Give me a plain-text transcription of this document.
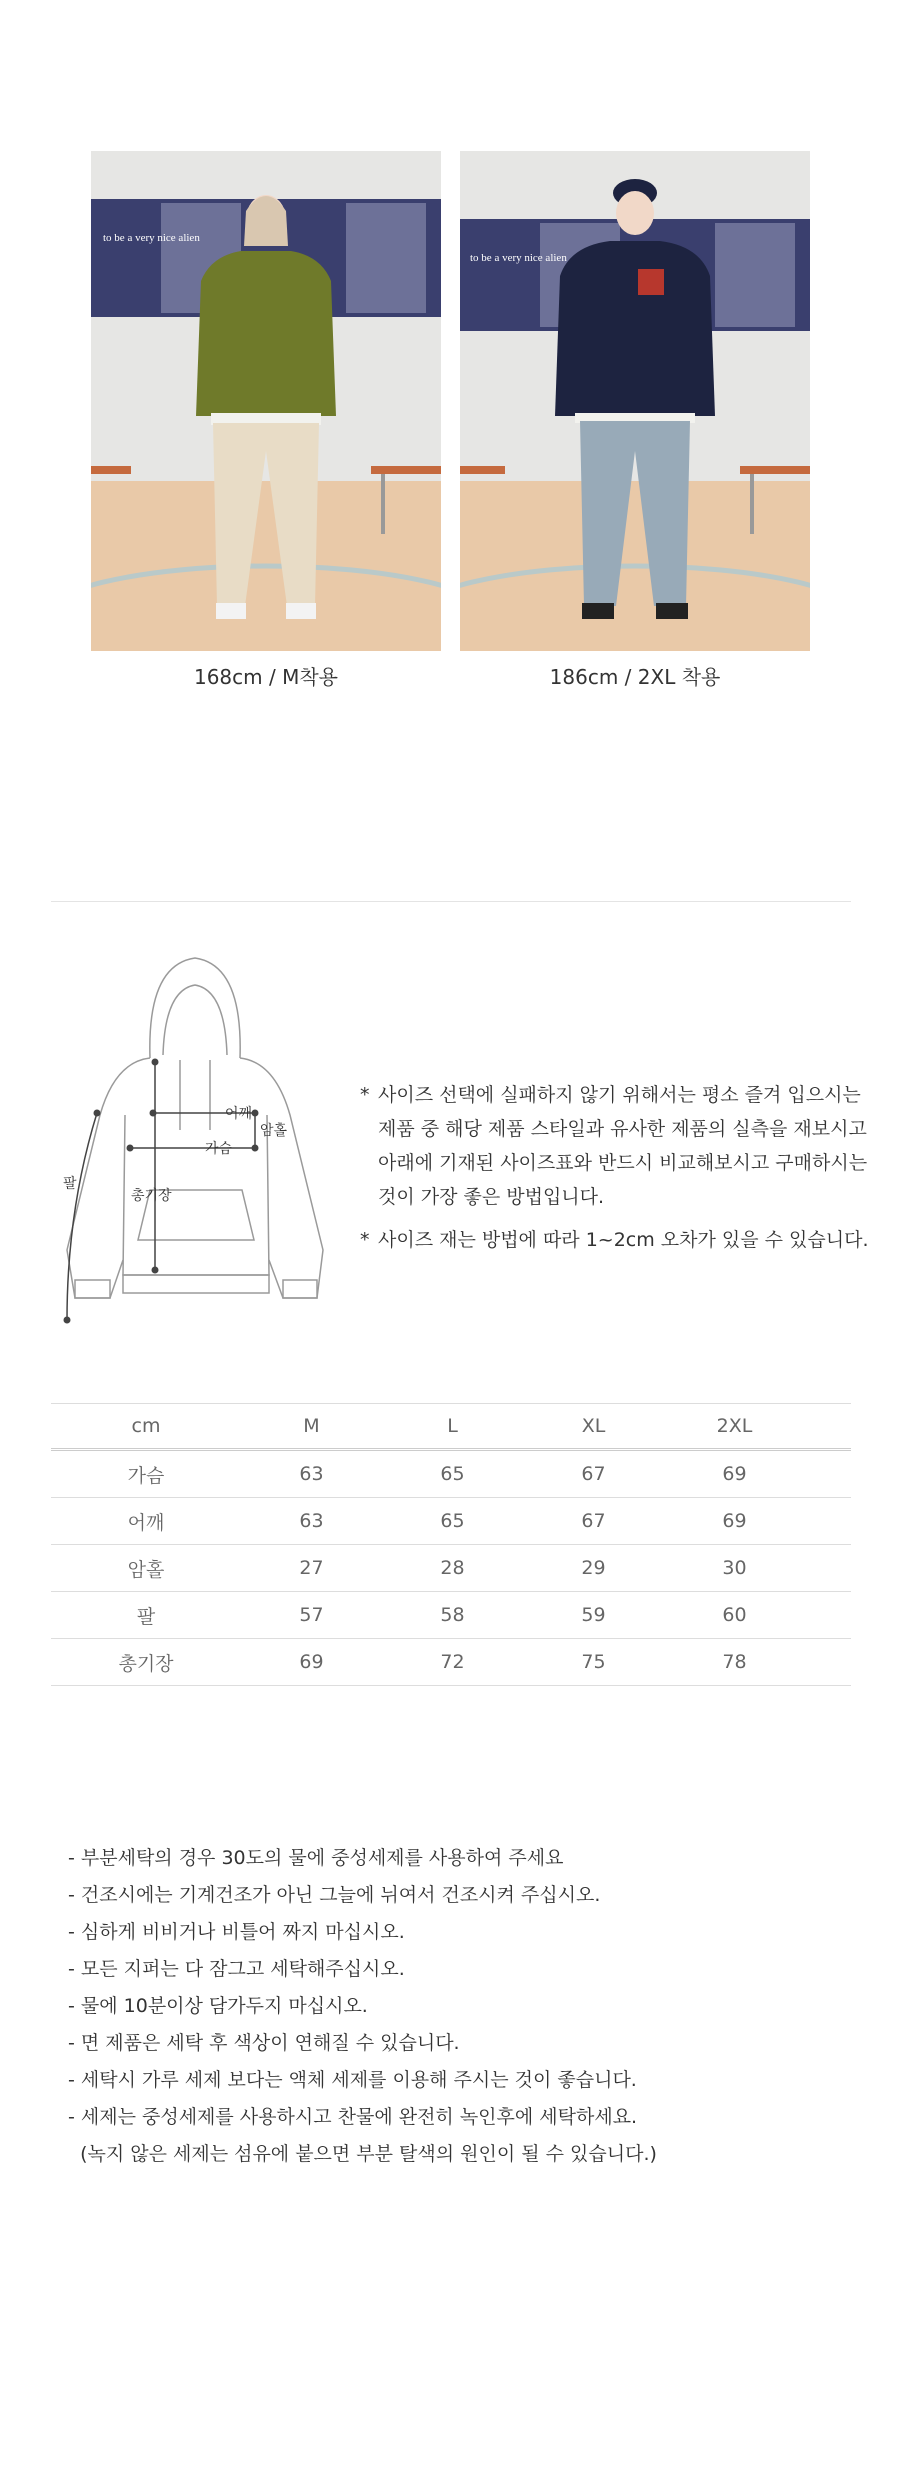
to be a very nice alien
168cm / M착용
to be a very nice alien
186cm / 2XL 착용
어깨
암홀
가슴
팔
총기장
* 사이즈 선택에 실패하지 않기 위해서는 평소 즐겨 입으시는 제품 중 해당 제품 스타일과 유사한 제품의 실측을 재보시고 아래에 기재된 사이즈표와 반드시 비교해보시고 구매하시는 것이 가장 좋은 방법입니다.
* 사이즈 재는 방법에 따라 1~2cm 오차가 있을 수 있습니다.
cm	M	L	XL	2XL	
가슴	63	65	67	69	
어깨	63	65	67	69	
암홀	27	28	29	30	
팔	57	58	59	60	
총기장	69	72	75	78	
- 부분세탁의 경우 30도의 물에 중성세제를 사용하여 주세요
- 건조시에는 기계건조가 아닌 그늘에 뉘여서 건조시켜 주십시오.
- 심하게 비비거나 비틀어 짜지 마십시오.
- 모든 지퍼는 다 잠그고 세탁해주십시오.
- 물에 10분이상 담가두지 마십시오.
- 면 제품은 세탁 후 색상이 연해질 수 있습니다.
- 세탁시 가루 세제 보다는 액체 세제를 이용해 주시는 것이 좋습니다.
- 세제는 중성세제를 사용하시고 찬물에 완전히 녹인후에 세탁하세요.
(녹지 않은 세제는 섬유에 붙으면 부분 탈색의 원인이 될 수 있습니다.)
